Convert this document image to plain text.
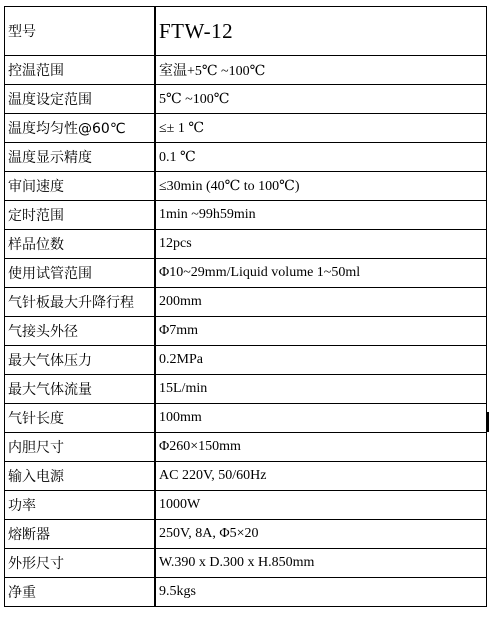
型号	FTW-12
控温范围	室温+5℃ ~100℃
温度设定范围	5℃ ~100℃
温度均匀性@60℃	≤± 1 ℃
温度显示精度	0.1 ℃
审间速度	≤30min (40℃ to 100℃)
定时范围	1min ~99h59min
样品位数	12pcs
使用试管范围	Φ10~29mm/Liquid volume 1~50ml
气针板最大升降行程	200mm
气接头外径	Φ7mm
最大气体压力	0.2MPa
最大气体流量	15L/min
气针长度	100mm
内胆尺寸	Φ260×150mm
输入电源	AC 220V, 50/60Hz
功率	1000W
熔断器	250V, 8A, Φ5×20
外形尺寸	W.390 x D.300 x H.850mm
净重	9.5kgs
